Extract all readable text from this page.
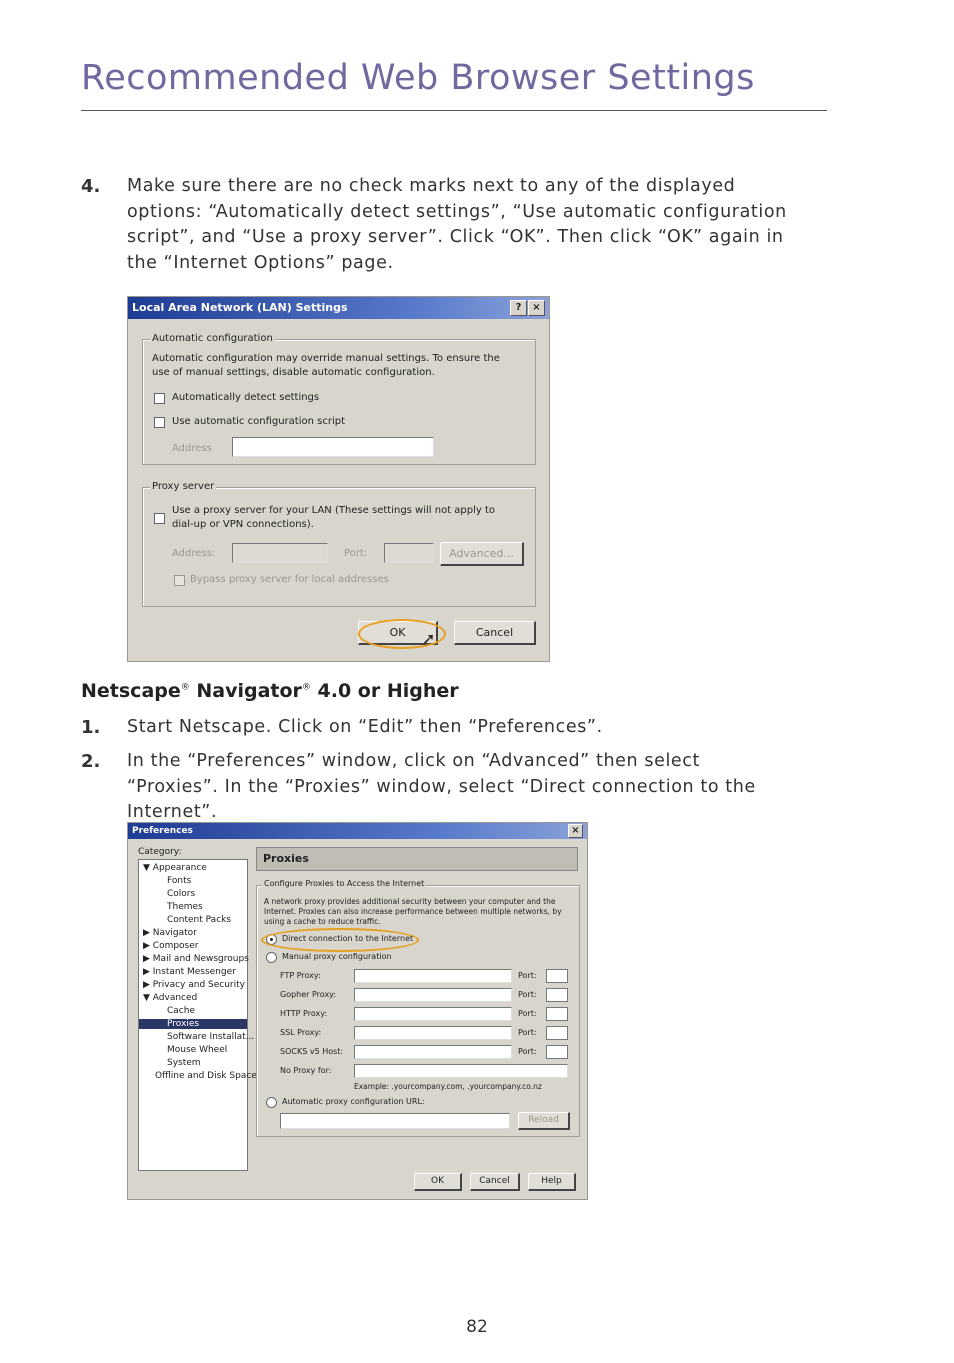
Recommended Web Browser Settings
4. Make sure there are no check marks next to any of the displayed options: “Automatically detect settings”, “Use automatic configuration script”, and “Use a proxy server”. Click “OK”. Then click “OK” again in the “Internet Options” page.
Local Area Network (LAN) Settings	?	×
Automatic configuration
Automatic configuration may override manual settings. To ensure the
use of manual settings, disable automatic configuration.
Automatically detect settings
Use automatic configuration script
Address
Proxy server
Use a proxy server for your LAN (These settings will not apply to
dial-up or VPN connections).
Address:	Port:	Advanced...
Bypass proxy server for local addresses
OK	Cancel
➚
Netscape® Navigator® 4.0 or Higher
1. Start Netscape. Click on “Edit” then “Preferences”.
2. In the “Preferences” window, click on “Advanced” then select “Proxies”. In the “Proxies” window, select “Direct connection to the Internet”.
Preferences	×
Category:
▼ Appearance
Fonts
Colors
Themes
Content Packs
▶ Navigator
▶ Composer
▶ Mail and Newsgroups
▶ Instant Messenger
▶ Privacy and Security
▼ Advanced
Cache
Proxies
Software Installat...
Mouse Wheel
System
Offline and Disk Space
Proxies
Configure Proxies to Access the Internet
A network proxy provides additional security between your computer and the
Internet. Proxies can also increase performance between multiple networks, by
using a cache to reduce traffic.
Direct connection to the Internet
Manual proxy configuration
FTP Proxy:	Port:
Gopher Proxy:	Port:
HTTP Proxy:	Port:
SSL Proxy:	Port:
SOCKS v5 Host:	Port:
No Proxy for:
Example: .yourcompany.com, .yourcompany.co.nz
Automatic proxy configuration URL:
Reload
OK	Cancel	Help
82
